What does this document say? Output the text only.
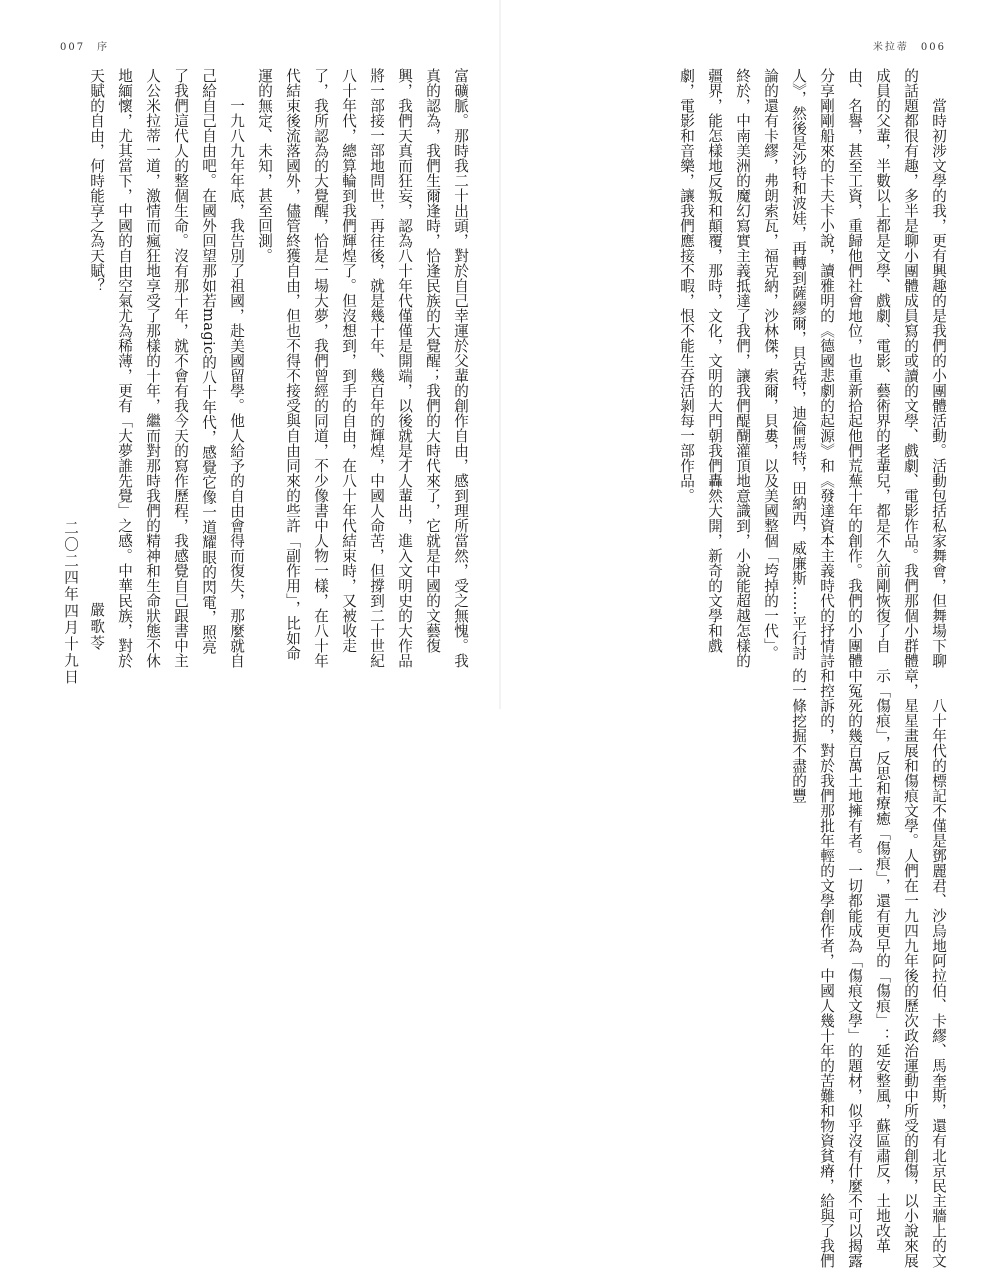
007　序	米拉蒂　006
　　當時初涉文學的我，更有興趣的是我們的小團體活動。活動包括私家舞會，但舞場下聊的話題都很有趣，多半是聊小團體成員寫的或讀的文學、戲劇、電影作品。我們那個小群體成員的父輩，半數以上都是文學、戲劇、電影、藝術界的老輩兒，都是不久前剛恢復了自由、名譽，甚至工資，重歸他們社會地位，也重新拾起他們荒蕪十年的創作。我們的小團體分享剛剛船來的卡夫卡小說，讀雅明的《德國悲劇的起源》和《發達資本主義時代的抒情詩人》，然後是沙特和波娃，再轉到薩繆爾，貝克特，迪倫馬特，田納西，威廉斯……平行討論的還有卡繆，弗朗索瓦，福克納，沙林傑，索爾，貝婁，以及美國整個「垮掉的一代」。終於，中南美洲的魔幻寫實主義抵達了我們，讓我們醍醐灌頂地意識到，小說能超越怎樣的疆界，能怎樣地反叛和顛覆，那時，文化，文明的大門朝我們轟然大開，新奇的文學和戲劇，電影和音樂，讓我們應接不暇，恨不能生吞活剝每一部作品。
　　八十年代的標記不僅是鄧麗君、沙烏地阿拉伯、卡繆、馬奎斯，還有北京民主牆上的文章，星星畫展和傷痕文學。人們在一九四九年後的歷次政治運動中所受的創傷，以小說來展示「傷痕」，反思和療癒「傷痕」，還有更早的「傷痕」：延安整風，蘇區肅反，土地改革中冤死的幾百萬土地擁有者。一切都能成為「傷痕文學」的題材，似乎沒有什麼不可以揭露和控訴的，對於我們那批年輕的文學創作者，中國人幾十年的苦難和物資貧瘠，給與了我們的一條挖掘不盡的豐
富礦脈。那時我二十出頭，對於自己幸運於父輩的創作自由，感到理所當然，受之無愧。我真的認為，我們生爾逢時，恰逢民族的大覺醒；我們的大時代來了，它就是中國的文藝復興，我們天真而狂妄，認為八十年代僅僅是開端，以後就是才人輩出，進入文明史的大作品將一部接一部地問世，再往後，就是幾十年、幾百年的輝煌，中國人命苦，但撐到二十世紀八十年代，總算輪到我們輝煌了。但沒想到，到手的自由，在八十年代結束時，又被收走了，我所認為的大覺醒，恰是一場大夢，我們曾經的同道，不少像書中人物一樣，在八十年代結束後流落國外，儘管終獲自由，但也不得不接受與自由同來的些許「副作用」，比如命運的無定、未知，甚至回測。
　　一九八九年年底，我告別了祖國，赴美國留學。他人給予的自由會得而復失，那麼就自己給自己自由吧。在國外回望那如若magic的八十年代，感覺它像一道耀眼的閃電，照亮了我們這代人的整個生命。沒有那十年，就不會有我今天的寫作歷程，我感覺自己跟書中主人公米拉蒂一道，激情而瘋狂地享受了那樣的十年，繼而對那時我們的精神和生命狀態不休地緬懷，尤其當下，中國的自由空氣尤為稀薄，更有「大夢誰先覺」之感。中華民族，對於天賦的自由，何時能享之為天賦？
嚴歌苓
二〇二四年四月十九日
